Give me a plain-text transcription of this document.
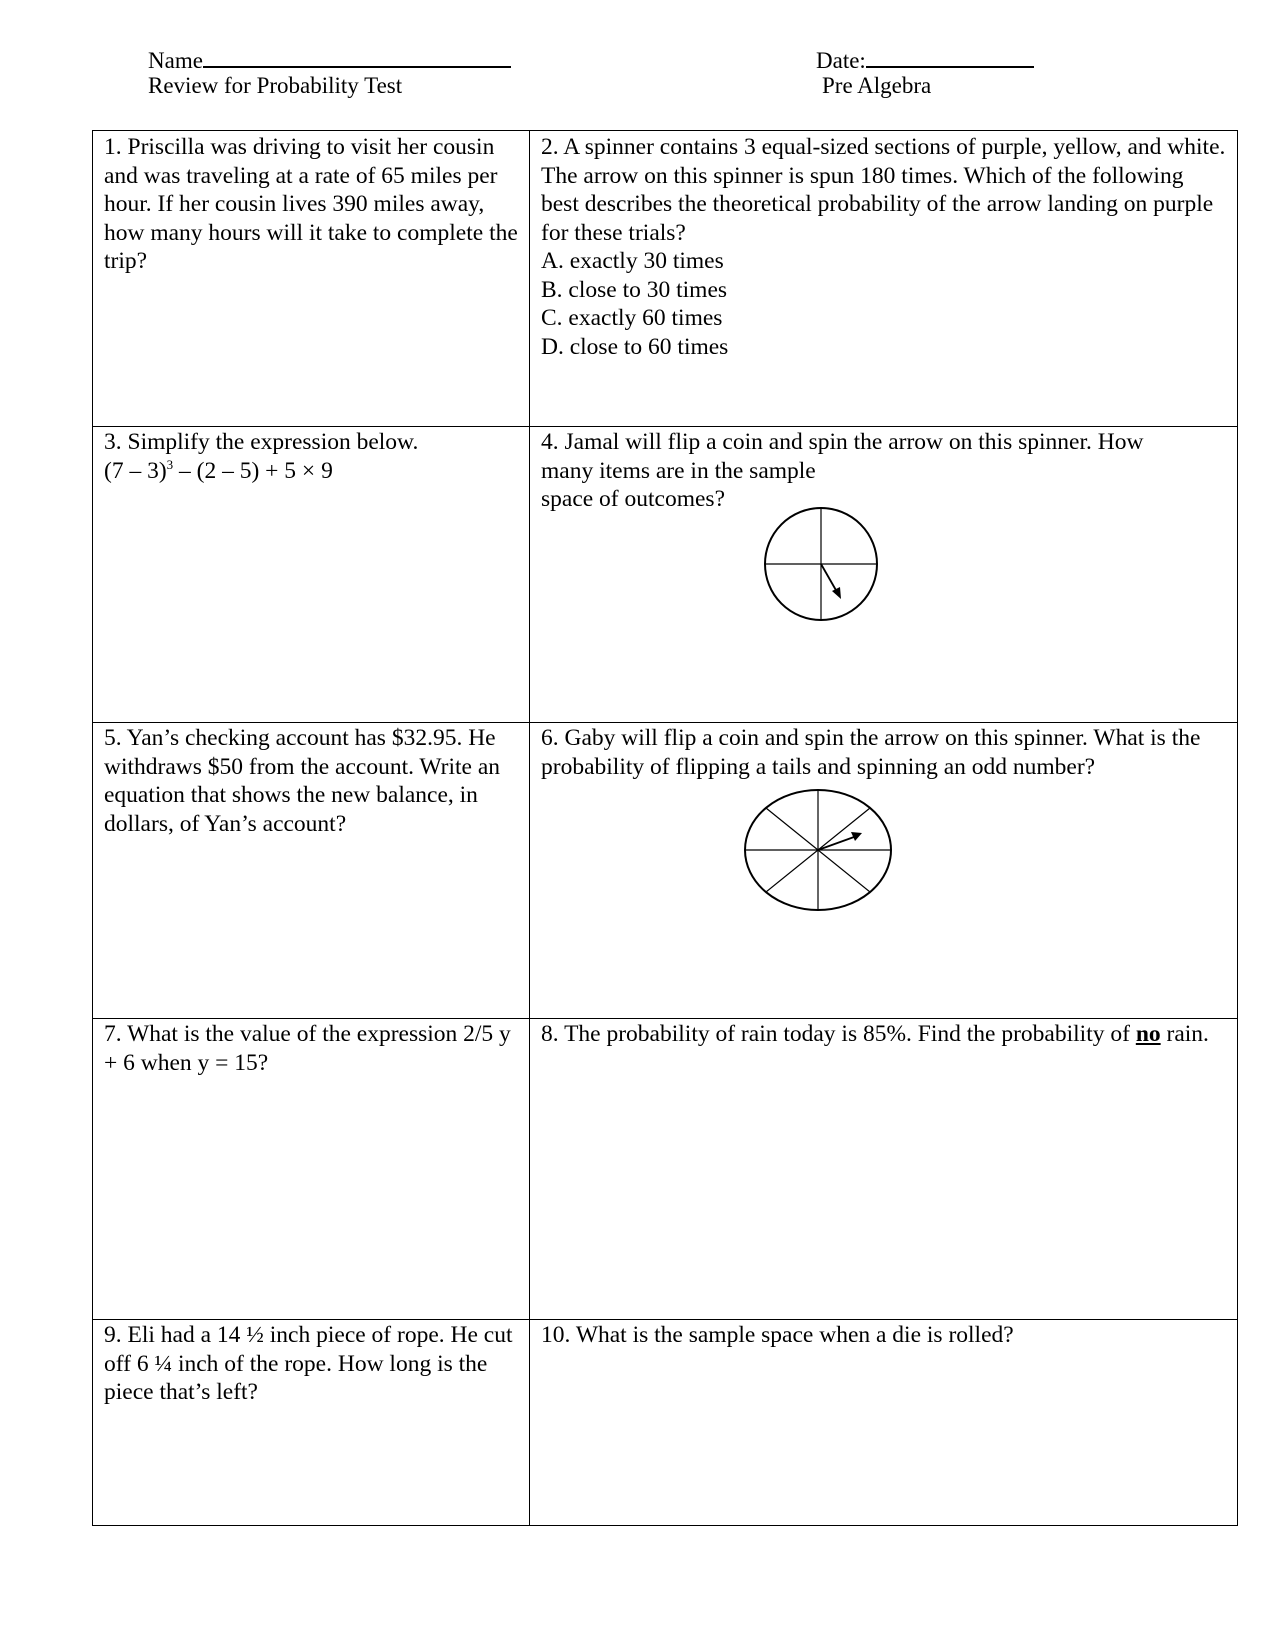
Name
Review for Probability Test
Date:
Pre Algebra
1. Priscilla was driving to visit her cousin and was traveling at a rate of 65 miles per hour. If her cousin lives 390 miles away, how many hours will it take to complete the trip?
2. A spinner contains 3 equal-sized sections of purple, yellow, and white. The arrow on this spinner is spun 180 times. Which of the following best describes the theoretical probability of the arrow landing on purple for these trials?
A. exactly 30 times
B. close to 30 times
C. exactly 60 times
D. close to 60 times
3. Simplify the expression below.
(7 – 3)$^3$ – (2 – 5) + 5 × 9
4. Jamal will flip a coin and spin the arrow on this spinner. How
many items are in the sample
space of outcomes?
5. Yan’s checking account has $32.95. He withdraws $50 from the account. Write an equation that shows the new balance, in dollars, of Yan’s account?
6. Gaby will flip a coin and spin the arrow on this spinner. What is the probability of flipping a tails and spinning an odd number?
7. What is the value of the expression 2/5 y + 6 when y = 15?
8. The probability of rain today is 85%. Find the probability of no rain.
9. Eli had a 14 ½ inch piece of rope. He cut off 6 ¼ inch of the rope. How long is the piece that’s left?
10. What is the sample space when a die is rolled?
